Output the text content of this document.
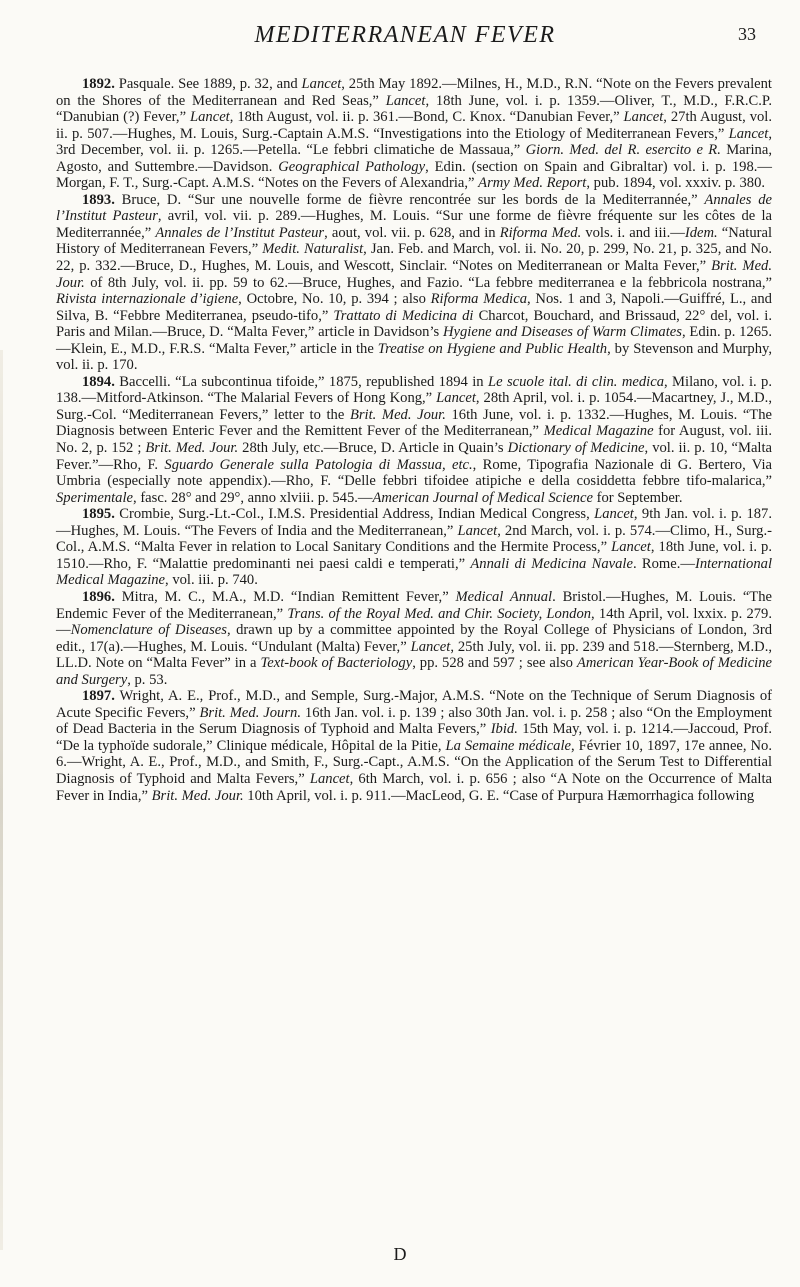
MEDITERRANEAN FEVER	33

1892. Pasquale. See 1889, p. 32, and Lancet, 25th May 1892.—Milnes, H., M.D., R.N. “Note on the Fevers prevalent on the Shores of the Mediterranean and Red Seas,” Lancet, 18th June, vol. i. p. 1359.—Oliver, T., M.D., F.R.C.P. “Danubian (?) Fever,” Lancet, 18th August, vol. ii. p. 361.—Bond, C. Knox. “Danubian Fever,” Lancet, 27th August, vol. ii. p. 507.—Hughes, M. Louis, Surg.-Captain A.M.S. “Investigations into the Etiology of Mediterranean Fevers,” Lancet, 3rd December, vol. ii. p. 1265.—Petella. “Le febbri climatiche de Massaua,” Giorn. Med. del R. esercito e R. Marina, Agosto, and Suttembre.—Davidson. Geographical Pathology, Edin. (section on Spain and Gibraltar) vol. i. p. 198.—Morgan, F. T., Surg.-Capt. A.M.S. “Notes on the Fevers of Alexandria,” Army Med. Report, pub. 1894, vol. xxxiv. p. 380.

1893. Bruce, D. “Sur une nouvelle forme de fièvre rencontrée sur les bords de la Mediterrannée,” Annales de l’Institut Pasteur, avril, vol. vii. p. 289.—Hughes, M. Louis. “Sur une forme de fièvre fréquente sur les côtes de la Mediterrannée,” Annales de l’Institut Pasteur, aout, vol. vii. p. 628, and in Riforma Med. vols. i. and iii.—Idem. “Natural History of Mediterranean Fevers,” Medit. Naturalist, Jan. Feb. and March, vol. ii. No. 20, p. 299, No. 21, p. 325, and No. 22, p. 332.—Bruce, D., Hughes, M. Louis, and Wescott, Sinclair. “Notes on Mediterranean or Malta Fever,” Brit. Med. Jour. of 8th July, vol. ii. pp. 59 to 62.—Bruce, Hughes, and Fazio. “La febbre mediterranea e la febbricola nostrana,” Rivista internazionale d’igiene, Octobre, No. 10, p. 394 ; also Riforma Medica, Nos. 1 and 3, Napoli.—Guiffré, L., and Silva, B. “Febbre Mediterranea, pseudo-tifo,” Trattato di Medicina di Charcot, Bouchard, and Brissaud, 22° del, vol. i. Paris and Milan.—Bruce, D. “Malta Fever,” article in Davidson’s Hygiene and Diseases of Warm Climates, Edin. p. 1265.—Klein, E., M.D., F.R.S. “Malta Fever,” article in the Treatise on Hygiene and Public Health, by Stevenson and Murphy, vol. ii. p. 170.

1894. Baccelli. “La subcontinua tifoide,” 1875, republished 1894 in Le scuole ital. di clin. medica, Milano, vol. i. p. 138.—Mitford-Atkinson. “The Malarial Fevers of Hong Kong,” Lancet, 28th April, vol. i. p. 1054.—Macartney, J., M.D., Surg.-Col. “Mediterranean Fevers,” letter to the Brit. Med. Jour. 16th June, vol. i. p. 1332.—Hughes, M. Louis. “The Diagnosis between Enteric Fever and the Remittent Fever of the Mediterranean,” Medical Magazine for August, vol. iii. No. 2, p. 152 ; Brit. Med. Jour. 28th July, etc.—Bruce, D. Article in Quain’s Dictionary of Medicine, vol. ii. p. 10, “Malta Fever.”—Rho, F. Sguardo Generale sulla Patologia di Massua, etc., Rome, Tipografia Nazionale di G. Bertero, Via Umbria (especially note appendix).—Rho, F. “Delle febbri tifoidee atipiche e della cosiddetta febbre tifo-malarica,” Sperimentale, fasc. 28° and 29°, anno xlviii. p. 545.—American Journal of Medical Science for September.

1895. Crombie, Surg.-Lt.-Col., I.M.S. Presidential Address, Indian Medical Congress, Lancet, 9th Jan. vol. i. p. 187.—Hughes, M. Louis. “The Fevers of India and the Mediterranean,” Lancet, 2nd March, vol. i. p. 574.—Climo, H., Surg.-Col., A.M.S. “Malta Fever in relation to Local Sanitary Conditions and the Hermite Process,” Lancet, 18th June, vol. i. p. 1510.—Rho, F. “Malattie predominanti nei paesi caldi e temperati,” Annali di Medicina Navale. Rome.—International Medical Magazine, vol. iii. p. 740.

1896. Mitra, M. C., M.A., M.D. “Indian Remittent Fever,” Medical Annual. Bristol.—Hughes, M. Louis. “The Endemic Fever of the Mediterranean,” Trans. of the Royal Med. and Chir. Society, London, 14th April, vol. lxxix. p. 279.—Nomenclature of Diseases, drawn up by a committee appointed by the Royal College of Physicians of London, 3rd edit., 17(a).—Hughes, M. Louis. “Undulant (Malta) Fever,” Lancet, 25th July, vol. ii. pp. 239 and 518.—Sternberg, M.D., LL.D. Note on “Malta Fever” in a Text-book of Bacteriology, pp. 528 and 597 ; see also American Year-Book of Medicine and Surgery, p. 53.

1897. Wright, A. E., Prof., M.D., and Semple, Surg.-Major, A.M.S. “Note on the Technique of Serum Diagnosis of Acute Specific Fevers,” Brit. Med. Journ. 16th Jan. vol. i. p. 139 ; also 30th Jan. vol. i. p. 258 ; also “On the Employment of Dead Bacteria in the Serum Diagnosis of Typhoid and Malta Fevers,” Ibid. 15th May, vol. i. p. 1214.—Jaccoud, Prof. “De la typhoïde sudorale,” Clinique médicale, Hôpital de la Pitie, La Semaine médicale, Février 10, 1897, 17e annee, No. 6.—Wright, A. E., Prof., M.D., and Smith, F., Surg.-Capt., A.M.S. “On the Application of the Serum Test to Differential Diagnosis of Typhoid and Malta Fevers,” Lancet, 6th March, vol. i. p. 656 ; also “A Note on the Occurrence of Malta Fever in India,” Brit. Med. Jour. 10th April, vol. i. p. 911.—MacLeod, G. E. “Case of Purpura Hæmorrhagica following

D
